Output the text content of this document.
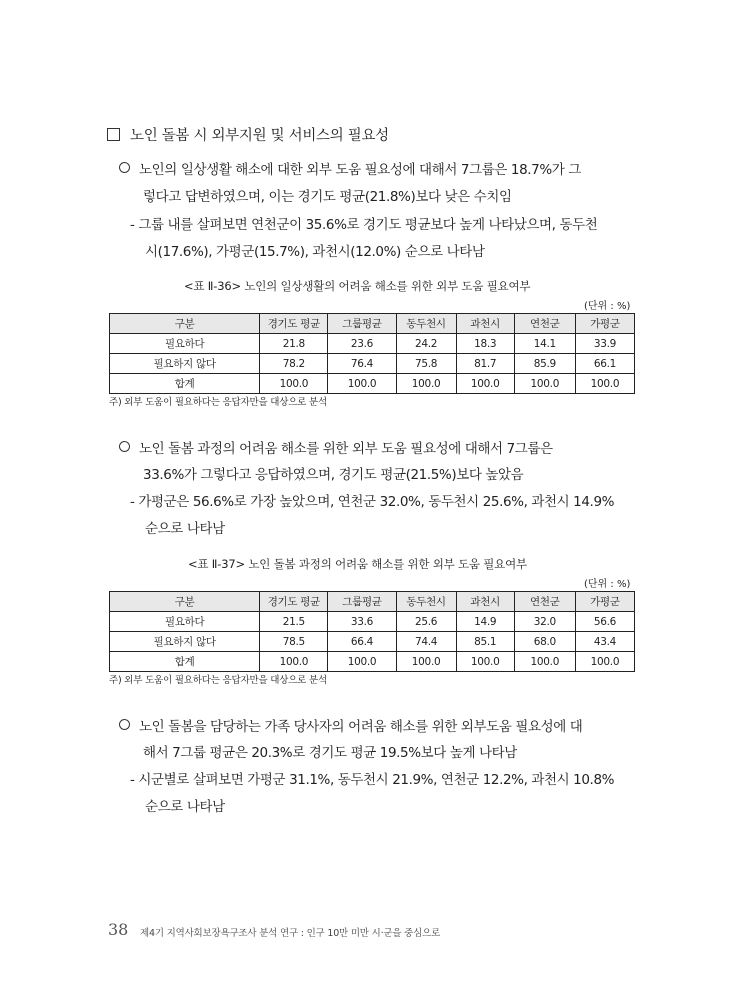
노인 돌봄 시 외부지원 및 서비스의 필요성
노인의 일상생활 해소에 대한 외부 도움 필요성에 대해서 7그룹은 18.7%가 그
렇다고 답변하였으며, 이는 경기도 평균(21.8%)보다 낮은 수치임
- 그룹 내를 살펴보면 연천군이 35.6%로 경기도 평균보다 높게 나타났으며, 동두천
시(17.6%), 가평군(15.7%), 과천시(12.0%) 순으로 나타남
<표 Ⅱ-36> 노인의 일상생활의 어려움 해소를 위한 외부 도움 필요여부
(단위 : %)
구분	경기도 평균	그룹평균	동두천시	과천시	연천군	가평군
필요하다	21.8	23.6	24.2	18.3	14.1	33.9
필요하지 않다	78.2	76.4	75.8	81.7	85.9	66.1
합계	100.0	100.0	100.0	100.0	100.0	100.0
주) 외부 도움이 필요하다는 응답자만을 대상으로 분석
노인 돌봄 과정의 어려움 해소를 위한 외부 도움 필요성에 대해서 7그룹은
33.6%가 그렇다고 응답하였으며, 경기도 평균(21.5%)보다 높았음
- 가평군은 56.6%로 가장 높았으며, 연천군 32.0%, 동두천시 25.6%, 과천시 14.9%
순으로 나타남
<표 Ⅱ-37> 노인 돌봄 과정의 어려움 해소를 위한 외부 도움 필요여부
(단위 : %)
구분	경기도 평균	그룹평균	동두천시	과천시	연천군	가평군
필요하다	21.5	33.6	25.6	14.9	32.0	56.6
필요하지 않다	78.5	66.4	74.4	85.1	68.0	43.4
합계	100.0	100.0	100.0	100.0	100.0	100.0
주) 외부 도움이 필요하다는 응답자만을 대상으로 분석
노인 돌봄을 담당하는 가족 당사자의 어려움 해소를 위한 외부도움 필요성에 대
해서 7그룹 평균은 20.3%로 경기도 평균 19.5%보다 높게 나타남
- 시군별로 살펴보면 가평군 31.1%, 동두천시 21.9%, 연천군 12.2%, 과천시 10.8%
순으로 나타남
38 제4기 지역사회보장욕구조사 분석 연구 : 인구 10만 미만 시·군을 중심으로
